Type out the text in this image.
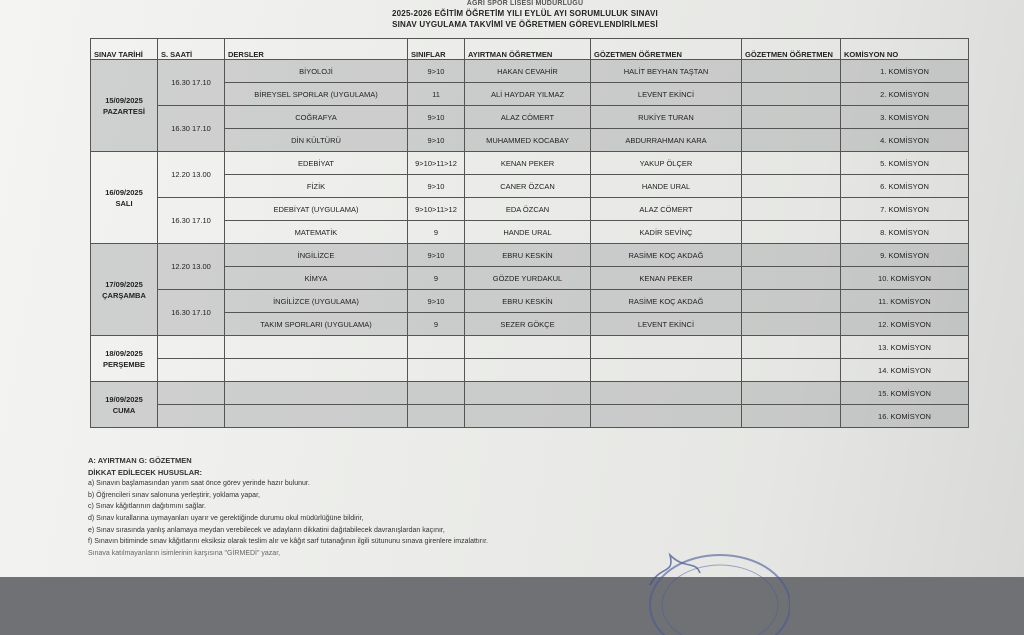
AĞRI SPOR LİSESİ MÜDÜRLÜĞÜ
2025-2026 EĞİTİM ÖĞRETİM YILI EYLÜL AYI SORUMLULUK SINAVI
SINAV UYGULAMA TAKVİMİ VE ÖĞRETMEN GÖREVLENDİRİLMESİ
SINAV TARİHİ	S. SAATİ	DERSLER	SINIFLAR	AYIRTMAN ÖĞRETMEN	GÖZETMEN ÖĞRETMEN	GÖZETMEN ÖĞRETMEN	KOMİSYON NO
15/09/2025
PAZARTESİ	16.30 17.10	BİYOLOJİ	9>10	HAKAN CEVAHİR	HALİT BEYHAN TAŞTAN		1. KOMİSYON
		BİREYSEL SPORLAR (UYGULAMA)	11	ALİ HAYDAR YILMAZ	LEVENT EKİNCİ		2. KOMİSYON
	16.30 17.10	COĞRAFYA	9>10	ALAZ CÖMERT	RUKİYE TURAN		3. KOMİSYON
		DİN KÜLTÜRÜ	9>10	MUHAMMED KOCABAY	ABDURRAHMAN KARA		4. KOMİSYON
16/09/2025
SALI	12.20 13.00	EDEBİYAT	9>10>11>12	KENAN PEKER	YAKUP ÖLÇER		5. KOMİSYON
		FİZİK	9>10	CANER ÖZCAN	HANDE URAL		6. KOMİSYON
	16.30 17.10	EDEBİYAT (UYGULAMA)	9>10>11>12	EDA ÖZCAN	ALAZ CÖMERT		7. KOMİSYON
		MATEMATİK	9	HANDE URAL	KADİR SEVİNÇ		8. KOMİSYON
17/09/2025
ÇARŞAMBA	12.20 13.00	İNGİLİZCE	9>10	EBRU KESKİN	RASİME KOÇ AKDAĞ		9. KOMİSYON
		KİMYA	9	GÖZDE YURDAKUL	KENAN PEKER		10. KOMİSYON
	16.30 17.10	İNGİLİZCE (UYGULAMA)	9>10	EBRU KESKİN	RASİME KOÇ AKDAĞ		11. KOMİSYON
		TAKIM SPORLARI (UYGULAMA)	9	SEZER GÖKÇE	LEVENT EKİNCİ		12. KOMİSYON
18/09/2025
PERŞEMBE							13. KOMİSYON
							14. KOMİSYON
19/09/2025
CUMA							15. KOMİSYON
							16. KOMİSYON
A: AYIRTMAN G: GÖZETMEN
DİKKAT EDİLECEK HUSUSLAR:
a) Sınavın başlamasından yarım saat önce görev yerinde hazır bulunur.
b) Öğrencileri sınav salonuna yerleştirir, yoklama yapar,
c) Sınav kâğıtlarının dağıtımını sağlar.
d) Sınav kurallarına uymayanları uyarır ve gerektiğinde durumu okul müdürlüğüne bildirir,
e) Sınav sırasında yanlış anlamaya meydan verebilecek ve adayların dikkatini dağıtabilecek davranışlardan kaçınır,
f) Sınavın bitiminde sınav kâğıtlarını eksiksiz olarak teslim alır ve kâğıt sarf tutanağının ilgili sütununu sınava girenlere imzalattırır.
Sınava katılmayanların isimlerinin karşısına "GİRMEDİ" yazar,
